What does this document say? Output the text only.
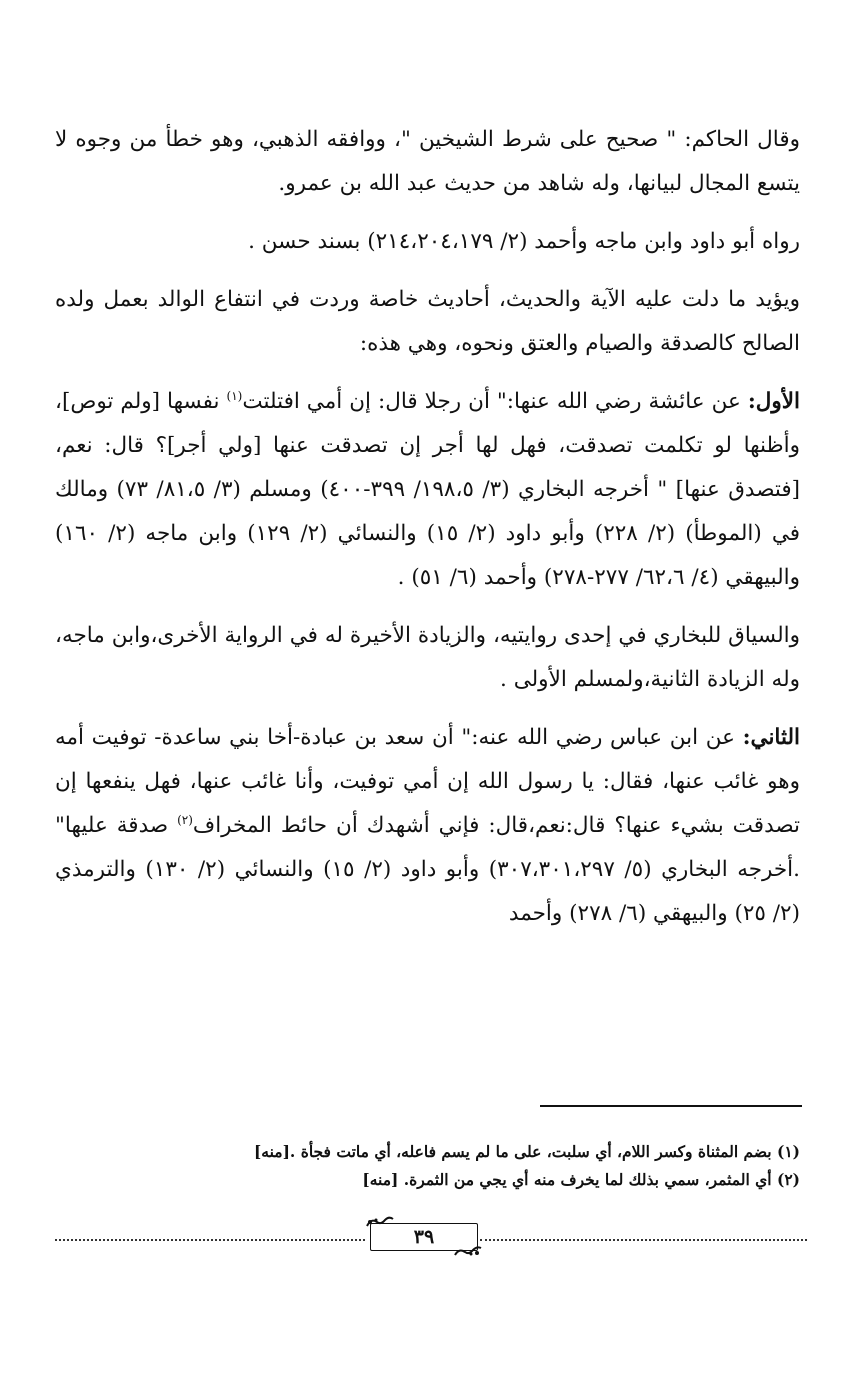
وقال الحاكم: " صحيح على شرط الشيخين "، ووافقه الذهبي، وهو خطأ من وجوه لا يتسع المجال لبيانها، وله شاهد من حديث عبد الله بن عمرو.

رواه أبو داود وابن ماجه وأحمد (٢/ ٢١٤،٢٠٤،١٧٩) بسند حسن .

ويؤيد ما دلت عليه الآية والحديث، أحاديث خاصة وردت في انتفاع الوالد بعمل ولده الصالح كالصدقة والصيام والعتق ونحوه، وهي هذه:

الأول: عن عائشة رضي الله عنها:" أن رجلا قال: إن أمي افتلتت$^{(١)}$ نفسها [ولم توص]، وأظنها لو تكلمت تصدقت، فهل لها أجر إن تصدقت عنها [ولي أجر]؟ قال: نعم، [فتصدق عنها] " أخرجه البخاري (٣/ ١٩٨،٥/ ٣٩٩-٤٠٠) ومسلم (٣/ ٨١،٥/ ٧٣) ومالك في (الموطأ) (٢/ ٢٢٨) وأبو داود (٢/ ١٥) والنسائي (٢/ ١٢٩) وابن ماجه (٢/ ١٦٠) والبيهقي (٤/ ٦٢،٦/ ٢٧٧-٢٧٨) وأحمد (٦/ ٥١) .

والسياق للبخاري في إحدى روايتيه، والزيادة الأخيرة له في الرواية الأخرى،وابن ماجه، وله الزيادة الثانية،ولمسلم الأولى .

الثاني: عن ابن عباس رضي الله عنه:" أن سعد بن عبادة-أخا بني ساعدة- توفيت أمه وهو غائب عنها، فقال: يا رسول الله إن أمي توفيت، وأنا غائب عنها، فهل ينفعها إن تصدقت بشيء عنها؟ قال:نعم،قال: فإني أشهدك أن حائط المخراف$^{(٢)}$ صدقة عليها" .أخرجه البخاري (٥/ ٣٠٧،٣٠١،٢٩٧) وأبو داود (٢/ ١٥) والنسائي (٢/ ١٣٠) والترمذي (٢/ ٢٥) والبيهقي (٦/ ٢٧٨) وأحمد

(١) بضم المثناة وكسر اللام، أي سلبت، على ما لم يسم فاعله، أي ماتت فجأة .[منه]

(٢) أي المثمر، سمي بذلك لما يخرف منه أي يجي من الثمرة. [منه]

٣٩
